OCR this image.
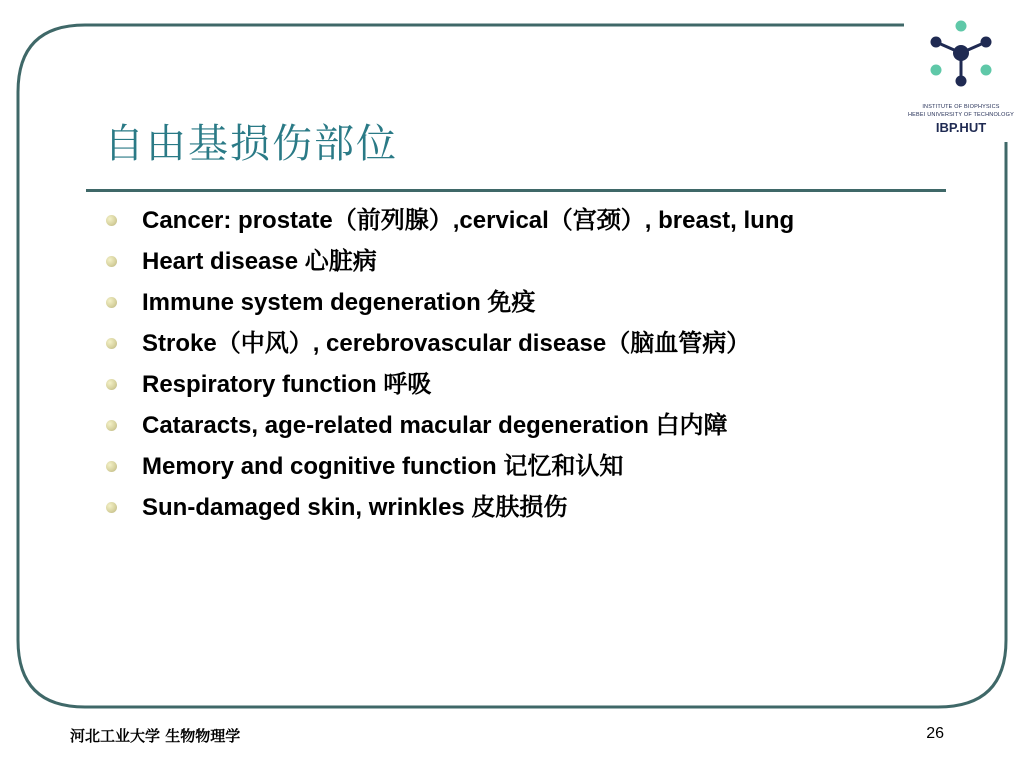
INSTITUTE OF BIOPHYSICS
HEBEI UNIVERSITY OF TECHNOLOGY
IBP.HUT
自由基损伤部位
Cancer: prostate（前列腺）,cervical（宫颈）, breast, lung
Heart disease 心脏病
Immune system degeneration 免疫
Stroke（中风）, cerebrovascular disease（脑血管病）
Respiratory function 呼吸
Cataracts, age-related macular degeneration 白内障
Memory and cognitive function 记忆和认知
Sun-damaged skin, wrinkles 皮肤损伤
河北工业大学 生物物理学	26
